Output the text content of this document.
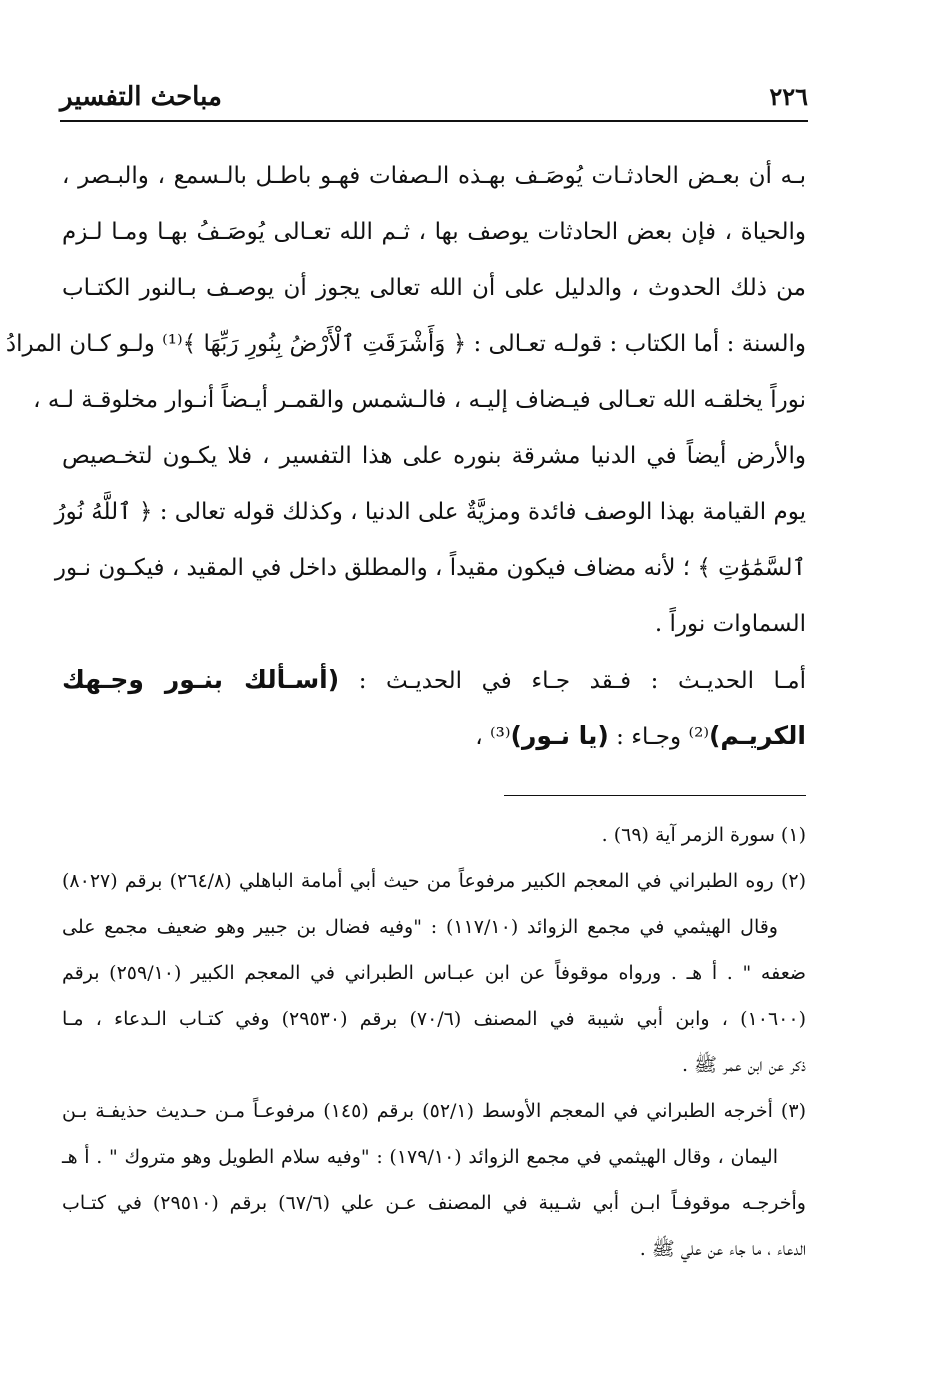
٢٢٦
مباحث التفسير
بـه أن بعـض الحادثـات يُوصَـف بهـذه الـصفات فهـو باطـل بالـسمع ، والبـصر ،
والحياة ، فإن بعض الحادثات يوصف بها ، ثـم الله تعـالى يُوصَـفُ بهـا ومـا لـزم
من ذلك الحدوث ، والدليل على أن الله تعالى يجوز أن يوصـف بـالنور الكتـاب
والسنة : أما الكتاب : قولـه تعـالى : ﴿ وَأَشْرَقَتِ ٱلْأَرْضُ بِنُورِ رَبِّهَا ﴾⁽¹⁾ ولـو كـان المرادُ
نوراً يخلقـه الله تعـالى فيـضاف إليـه ، فالـشمس والقمـر أيـضاً أنـوار مخلوقـة لـه ،
والأرض أيضاً في الدنيا مشرقة بنوره على هذا التفسير ، فلا يكـون لتخـصيص
يوم القيامة بهذا الوصف فائدة ومزيَّةٌ على الدنيا ، وكذلك قوله تعالى : ﴿ ٱللَّهُ نُورُ
ٱلسَّمَٰوَٰتِ ﴾ ؛ لأنه مضاف فيكون مقيداً ، والمطلق داخل في المقيد ، فيكـون نـور
السماوات نوراً .
أمـا الحديـث : فـقد جـاء في الحديـث : (أسـألك بنـور وجـهك
الكريـم)⁽²⁾ وجـاء : (يا نـور)⁽³⁾ ،
(١) سورة الزمر آية (٦٩) .
(٢) روه الطبراني في المعجم الكبير مرفوعاً من حيث أبي أمامة الباهلي (٢٦٤/٨) برقم (٨٠٢٧)
وقال الهيثمي في مجمع الزوائد (١١٧/١٠) : "وفيه فضال بن جبير وهو ضعيف مجمع على
ضعفه " . أ هـ . ورواه موقوفاً عن ابن عبـاس الطبراني في المعجم الكبير (٢٥٩/١٠) برقم
(١٠٦٠٠) ، وابن أبي شيبة في المصنف (٧٠/٦) برقم (٢٩٥٣٠) وفي كتـاب الـدعاء ، مـا
ذكر عن ابن عمر ﷺ .
(٣) أخرجه الطبراني في المعجم الأوسط (٥٢/١) برقم (١٤٥) مرفوعـاً مـن حـديث حذيفـة بـن
اليمان ، وقال الهيثمي في مجمع الزوائد (١٧٩/١٠) : "وفيه سلام الطويل وهو متروك " . أ هـ
وأخرجـه موقوفـاً ابـن أبي شـيبة في المصنف عـن علي (٦٧/٦) برقم (٢٩٥١٠) في كتـاب
الدعاء ، ما جاء عن علي ﷺ .
